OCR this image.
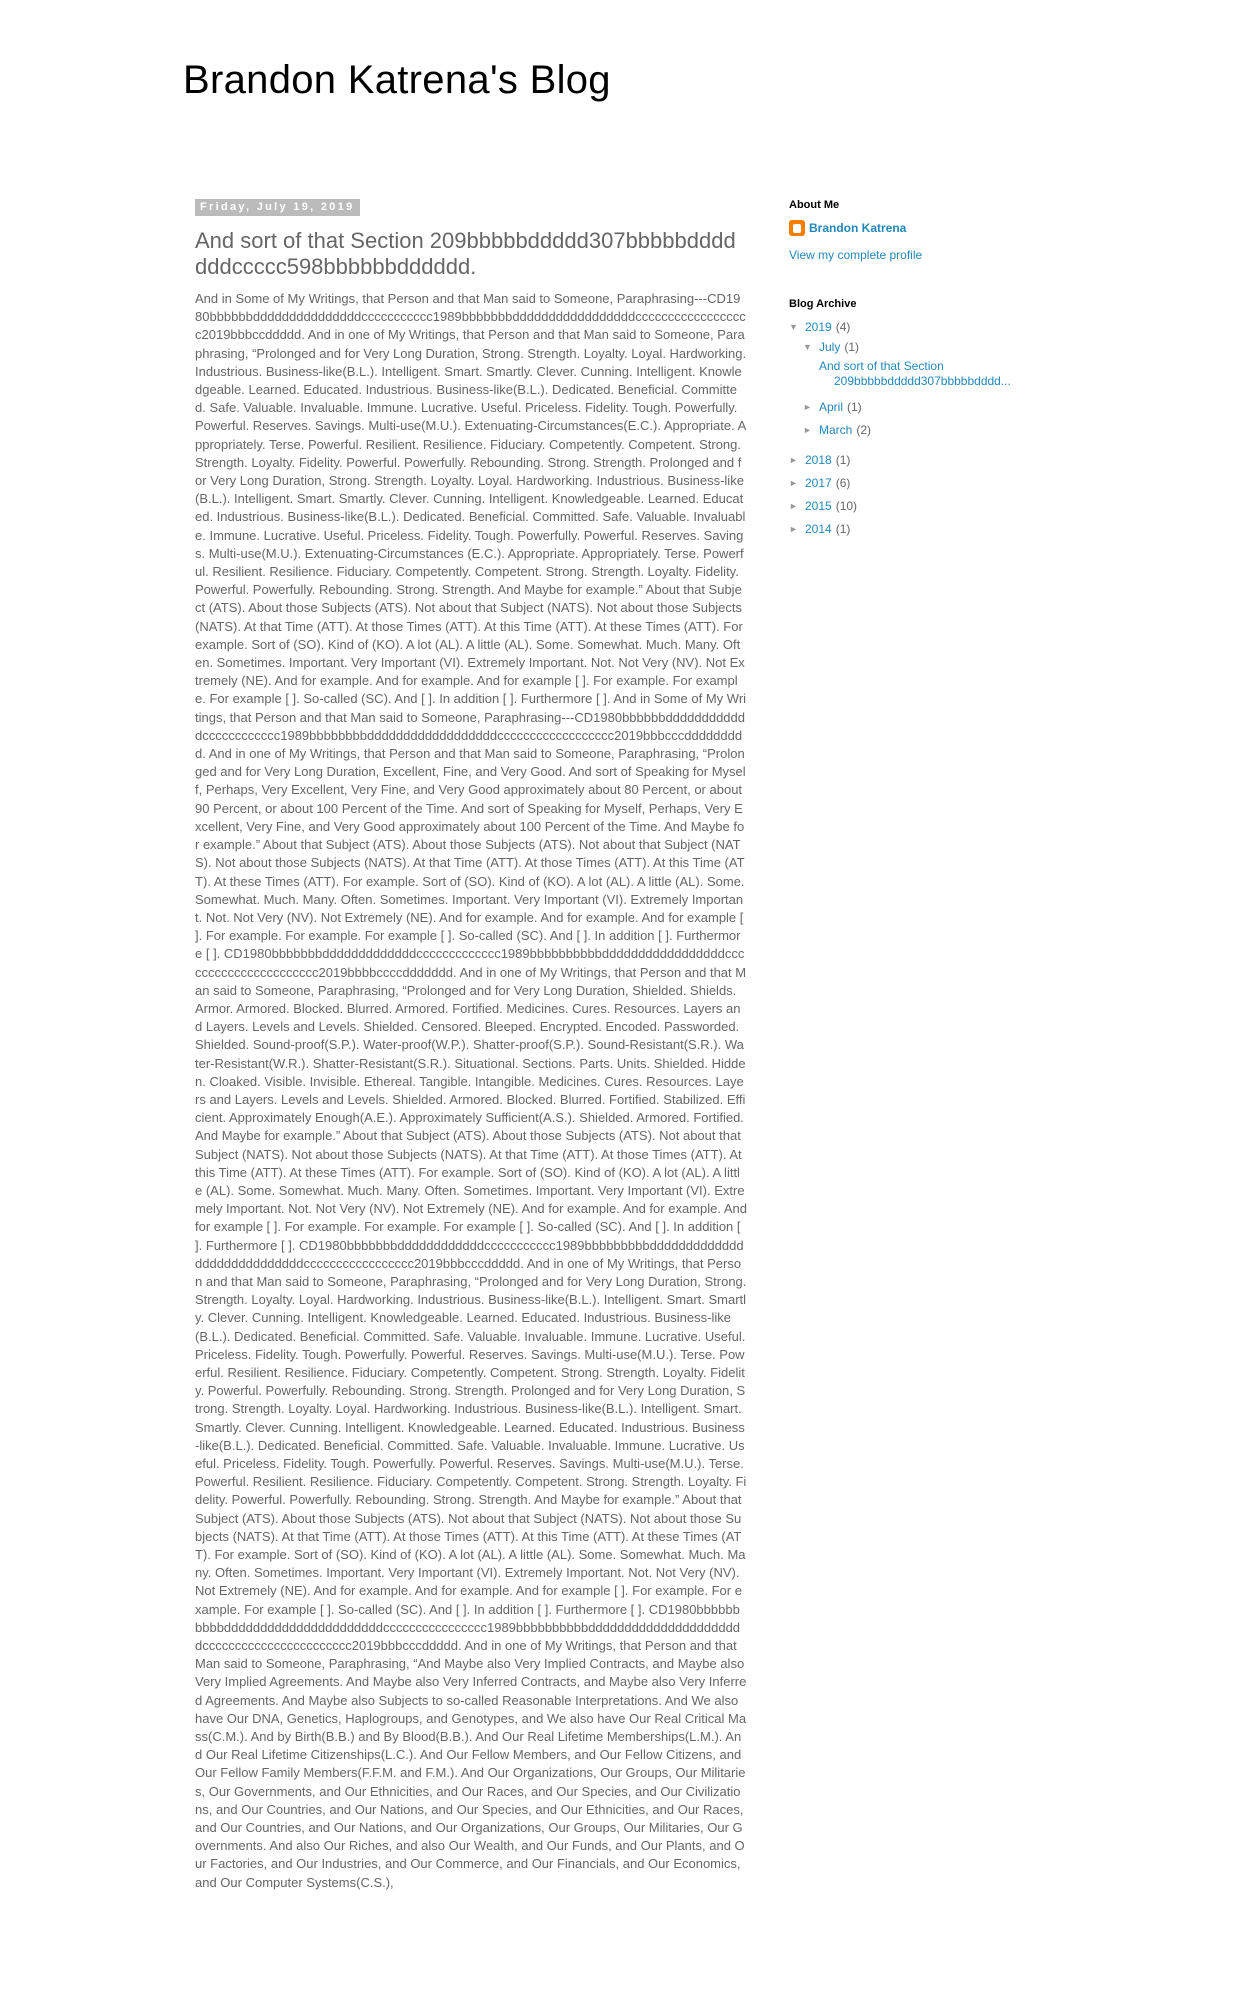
Brandon Katrena's Blog
Friday, July 19, 2019
And sort of that Section 209bbbbbddddd307bbbbbdddddddccccc598bbbbbbdddddd.
And in Some of My Writings, that Person and that Man said to Someone, Paraphrasing---CD1980bbbbbbdddddddddddddddccccccccccc1989bbbbbbbdddddddddddddddddcccccccccccccccccc2019bbbccddddd. And in one of My Writings, that Person and that Man said to Someone, Paraphrasing, “Prolonged and for Very Long Duration, Strong. Strength. Loyalty. Loyal. Hardworking. Industrious. Business-like(B.L.). Intelligent. Smart. Smartly. Clever. Cunning. Intelligent. Knowledgeable. Learned. Educated. Industrious. Business-like(B.L.). Dedicated. Beneficial. Committed. Safe. Valuable. Invaluable. Immune. Lucrative. Useful. Priceless. Fidelity. Tough. Powerfully. Powerful. Reserves. Savings. Multi-use(M.U.). Extenuating-Circumstances(E.C.). Appropriate. Appropriately. Terse. Powerful. Resilient. Resilience. Fiduciary. Competently. Competent. Strong. Strength. Loyalty. Fidelity. Powerful. Powerfully. Rebounding. Strong. Strength. Prolonged and for Very Long Duration, Strong. Strength. Loyalty. Loyal. Hardworking. Industrious. Business-like(B.L.). Intelligent. Smart. Smartly. Clever. Cunning. Intelligent. Knowledgeable. Learned. Educated. Industrious. Business-like(B.L.). Dedicated. Beneficial. Committed. Safe. Valuable. Invaluable. Immune. Lucrative. Useful. Priceless. Fidelity. Tough. Powerfully. Powerful. Reserves. Savings. Multi-use(M.U.). Extenuating-Circumstances (E.C.). Appropriate. Appropriately. Terse. Powerful. Resilient. Resilience. Fiduciary. Competently. Competent. Strong. Strength. Loyalty. Fidelity. Powerful. Powerfully. Rebounding. Strong. Strength. And Maybe for example.” About that Subject (ATS). About those Subjects (ATS). Not about that Subject (NATS). Not about those Subjects (NATS). At that Time (ATT). At those Times (ATT). At this Time (ATT). At these Times (ATT). For example. Sort of (SO). Kind of (KO). A lot (AL). A little (AL). Some. Somewhat. Much. Many. Often. Sometimes. Important. Very Important (VI). Extremely Important. Not. Not Very (NV). Not Extremely (NE). And for example. And for example. And for example [ ]. For example. For example. For example [ ]. So-called (SC). And [ ]. In addition [ ]. Furthermore [ ]. And in Some of My Writings, that Person and that Man said to Someone, Paraphrasing---CD1980bbbbbbddddddddddddcccccccccccc1989bbbbbbbbddddddddddddddddddcccccccccccccccccc2019bbbcccddddddddd. And in one of My Writings, that Person and that Man said to Someone, Paraphrasing, “Prolonged and for Very Long Duration, Excellent, Fine, and Very Good. And sort of Speaking for Myself, Perhaps, Very Excellent, Very Fine, and Very Good approximately about 80 Percent, or about 90 Percent, or about 100 Percent of the Time. And sort of Speaking for Myself, Perhaps, Very Excellent, Very Fine, and Very Good approximately about 100 Percent of the Time. And Maybe for example.” About that Subject (ATS). About those Subjects (ATS). Not about that Subject (NATS). Not about those Subjects (NATS). At that Time (ATT). At those Times (ATT). At this Time (ATT). At these Times (ATT). For example. Sort of (SO). Kind of (KO). A lot (AL). A little (AL). Some. Somewhat. Much. Many. Often. Sometimes. Important. Very Important (VI). Extremely Important. Not. Not Very (NV). Not Extremely (NE). And for example. And for example. And for example [ ]. For example. For example. For example [ ]. So-called (SC). And [ ]. In addition [ ]. Furthermore [ ]. CD1980bbbbbbbdddddddddddddccccccccccccc1989bbbbbbbbbbdddddddddddddddddcccccccccccccccccccccc2019bbbbccccddddddd. And in one of My Writings, that Person and that Man said to Someone, Paraphrasing, “Prolonged and for Very Long Duration, Shielded. Shields. Armor. Armored. Blocked. Blurred. Armored. Fortified. Medicines. Cures. Resources. Layers and Layers. Levels and Levels. Shielded. Censored. Bleeped. Encrypted. Encoded. Passworded. Shielded. Sound-proof(S.P.). Water-proof(W.P.). Shatter-proof(S.P.). Sound-Resistant(S.R.). Water-Resistant(W.R.). Shatter-Resistant(S.R.). Situational. Sections. Parts. Units. Shielded. Hidden. Cloaked. Visible. Invisible. Ethereal. Tangible. Intangible. Medicines. Cures. Resources. Layers and Layers. Levels and Levels. Shielded. Armored. Blocked. Blurred. Fortified. Stabilized. Efficient. Approximately Enough(A.E.). Approximately Sufficient(A.S.). Shielded. Armored. Fortified. And Maybe for example.” About that Subject (ATS). About those Subjects (ATS). Not about that Subject (NATS). Not about those Subjects (NATS). At that Time (ATT). At those Times (ATT). At this Time (ATT). At these Times (ATT). For example. Sort of (SO). Kind of (KO). A lot (AL). A little (AL). Some. Somewhat. Much. Many. Often. Sometimes. Important. Very Important (VI). Extremely Important. Not. Not Very (NV). Not Extremely (NE). And for example. And for example. And for example [ ]. For example. For example. For example [ ]. So-called (SC). And [ ]. In addition [ ]. Furthermore [ ]. CD1980bbbbbbbddddddddddddccccccccccc1989bbbbbbbbbddddddddddddddddddddddddddddccccccccccccccccc2019bbbcccddddd. And in one of My Writings, that Person and that Man said to Someone, Paraphrasing, “Prolonged and for Very Long Duration, Strong. Strength. Loyalty. Loyal. Hardworking. Industrious. Business-like(B.L.). Intelligent. Smart. Smartly. Clever. Cunning. Intelligent. Knowledgeable. Learned. Educated. Industrious. Business-like(B.L.). Dedicated. Beneficial. Committed. Safe. Valuable. Invaluable. Immune. Lucrative. Useful. Priceless. Fidelity. Tough. Powerfully. Powerful. Reserves. Savings. Multi-use(M.U.). Terse. Powerful. Resilient. Resilience. Fiduciary. Competently. Competent. Strong. Strength. Loyalty. Fidelity. Powerful. Powerfully. Rebounding. Strong. Strength. Prolonged and for Very Long Duration, Strong. Strength. Loyalty. Loyal. Hardworking. Industrious. Business-like(B.L.). Intelligent. Smart. Smartly. Clever. Cunning. Intelligent. Knowledgeable. Learned. Educated. Industrious. Business-like(B.L.). Dedicated. Beneficial. Committed. Safe. Valuable. Invaluable. Immune. Lucrative. Useful. Priceless. Fidelity. Tough. Powerfully. Powerful. Reserves. Savings. Multi-use(M.U.). Terse. Powerful. Resilient. Resilience. Fiduciary. Competently. Competent. Strong. Strength. Loyalty. Fidelity. Powerful. Powerfully. Rebounding. Strong. Strength. And Maybe for example.” About that Subject (ATS). About those Subjects (ATS). Not about that Subject (NATS). Not about those Subjects (NATS). At that Time (ATT). At those Times (ATT). At this Time (ATT). At these Times (ATT). For example. Sort of (SO). Kind of (KO). A lot (AL). A little (AL). Some. Somewhat. Much. Many. Often. Sometimes. Important. Very Important (VI). Extremely Important. Not. Not Very (NV). Not Extremely (NE). And for example. And for example. And for example [ ]. For example. For example. For example [ ]. So-called (SC). And [ ]. In addition [ ]. Furthermore [ ]. CD1980bbbbbbbbbbddddddddddddddddddddddcccccccccccccccc1989bbbbbbbbbbddddddddddddddddddddddccccccccccccccccccccccc2019bbbcccddddd. And in one of My Writings, that Person and that Man said to Someone, Paraphrasing, “And Maybe also Very Implied Contracts, and Maybe also Very Implied Agreements. And Maybe also Very Inferred Contracts, and Maybe also Very Inferred Agreements. And Maybe also Subjects to so-called Reasonable Interpretations. And We also have Our DNA, Genetics, Haplogroups, and Genotypes, and We also have Our Real Critical Mass(C.M.). And by Birth(B.B.) and By Blood(B.B.). And Our Real Lifetime Memberships(L.M.). And Our Real Lifetime Citizenships(L.C.). And Our Fellow Members, and Our Fellow Citizens, and Our Fellow Family Members(F.F.M. and F.M.). And Our Organizations, Our Groups, Our Militaries, Our Governments, and Our Ethnicities, and Our Races, and Our Species, and Our Civilizations, and Our Countries, and Our Nations, and Our Species, and Our Ethnicities, and Our Races, and Our Countries, and Our Nations, and Our Organizations, Our Groups, Our Militaries, Our Governments. And also Our Riches, and also Our Wealth, and Our Funds, and Our Plants, and Our Factories, and Our Industries, and Our Commerce, and Our Financials, and Our Economics, and Our Computer Systems(C.S.),
About Me
Brandon Katrena
View my complete profile
Blog Archive
▼ 2019 (4)
▼ July (1)
And sort of that Section 209bbbbbddddd307bbbbbdddd...
► April (1)
► March (2)
► 2018 (1)
► 2017 (6)
► 2015 (10)
► 2014 (1)
